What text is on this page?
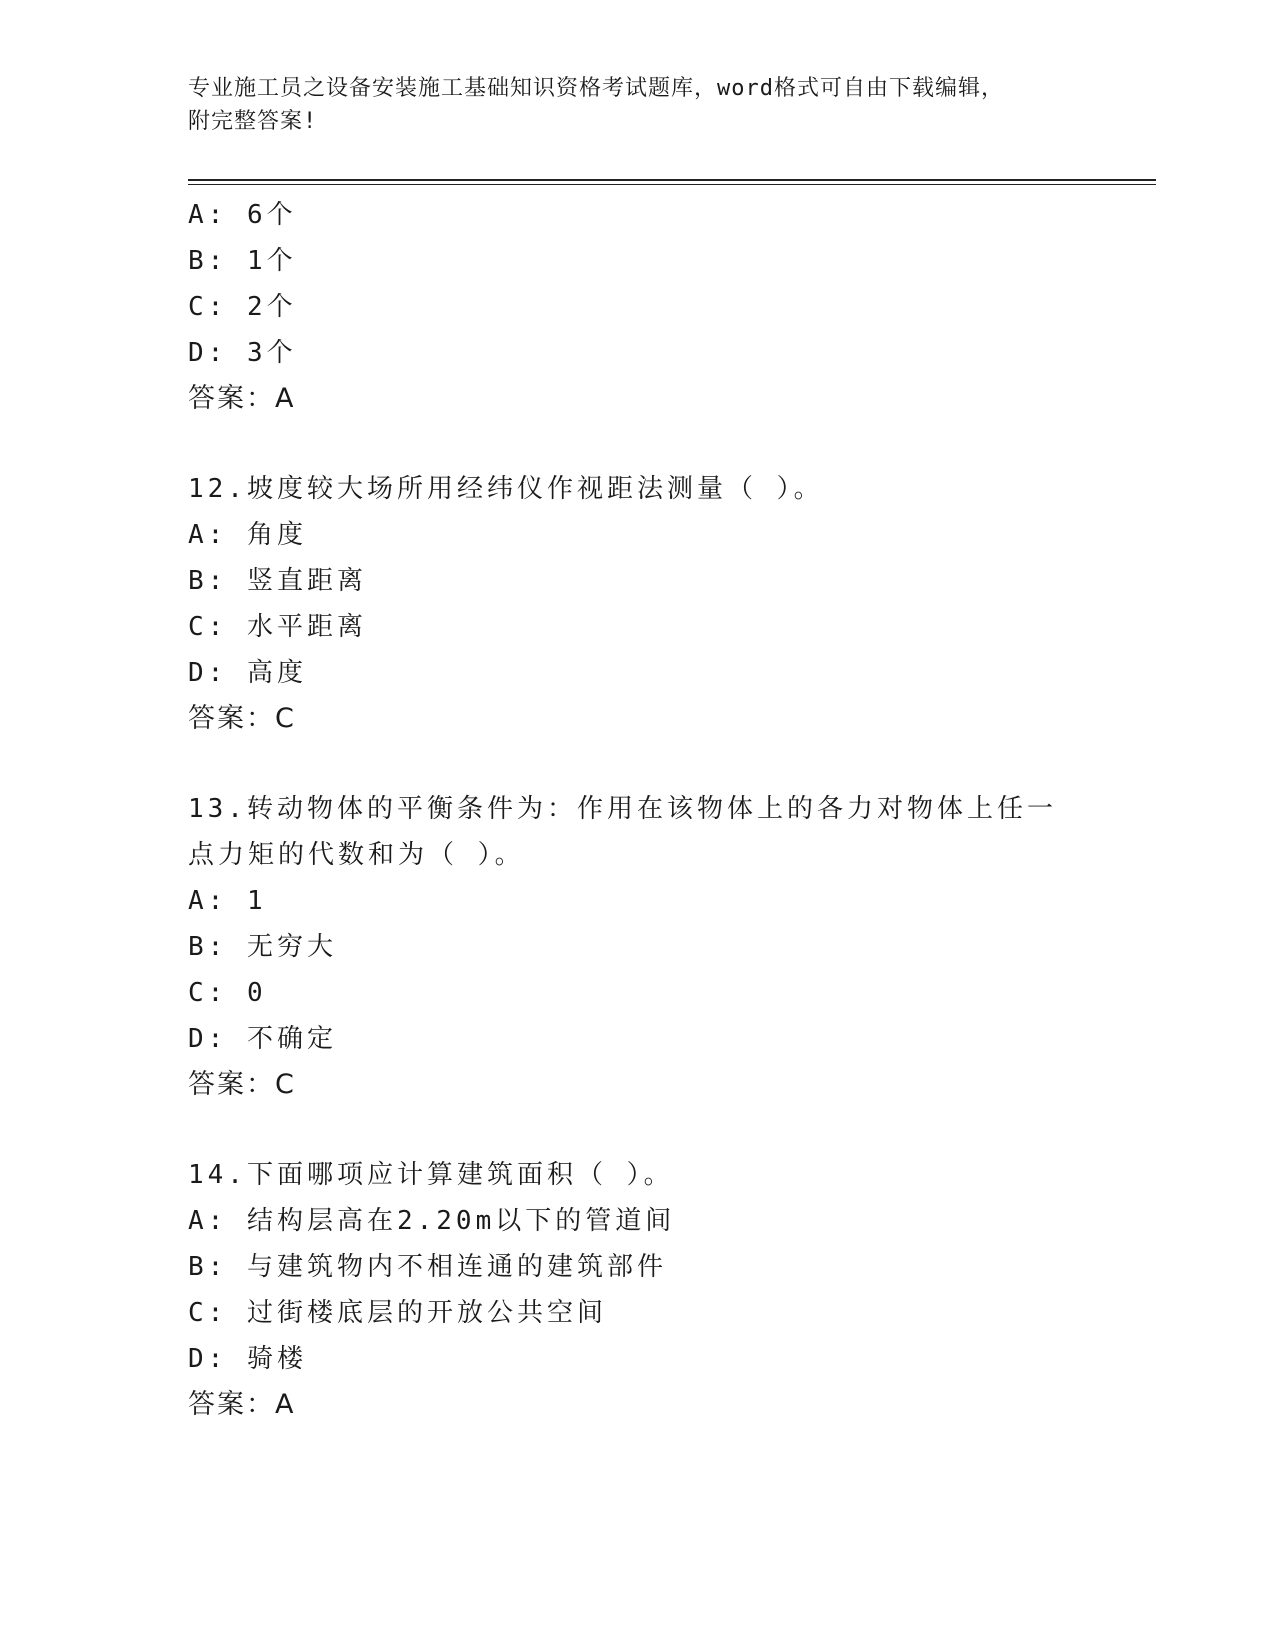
专业施工员之设备安装施工基础知识资格考试题库，word格式可自由下载编辑，
附完整答案!
A: 6个
B: 1个
C: 2个
D: 3个
答案：A
12.坡度较大场所用经纬仪作视距法测量（ ）。
A: 角度
B: 竖直距离
C: 水平距离
D: 高度
答案：C
13.转动物体的平衡条件为：作用在该物体上的各力对物体上任一点力矩的代数和为（ ）。
A: 1
B: 无穷大
C: 0
D: 不确定
答案：C
14.下面哪项应计算建筑面积（ ）。
A: 结构层高在2.20m以下的管道间
B: 与建筑物内不相连通的建筑部件
C: 过街楼底层的开放公共空间
D: 骑楼
答案：A
